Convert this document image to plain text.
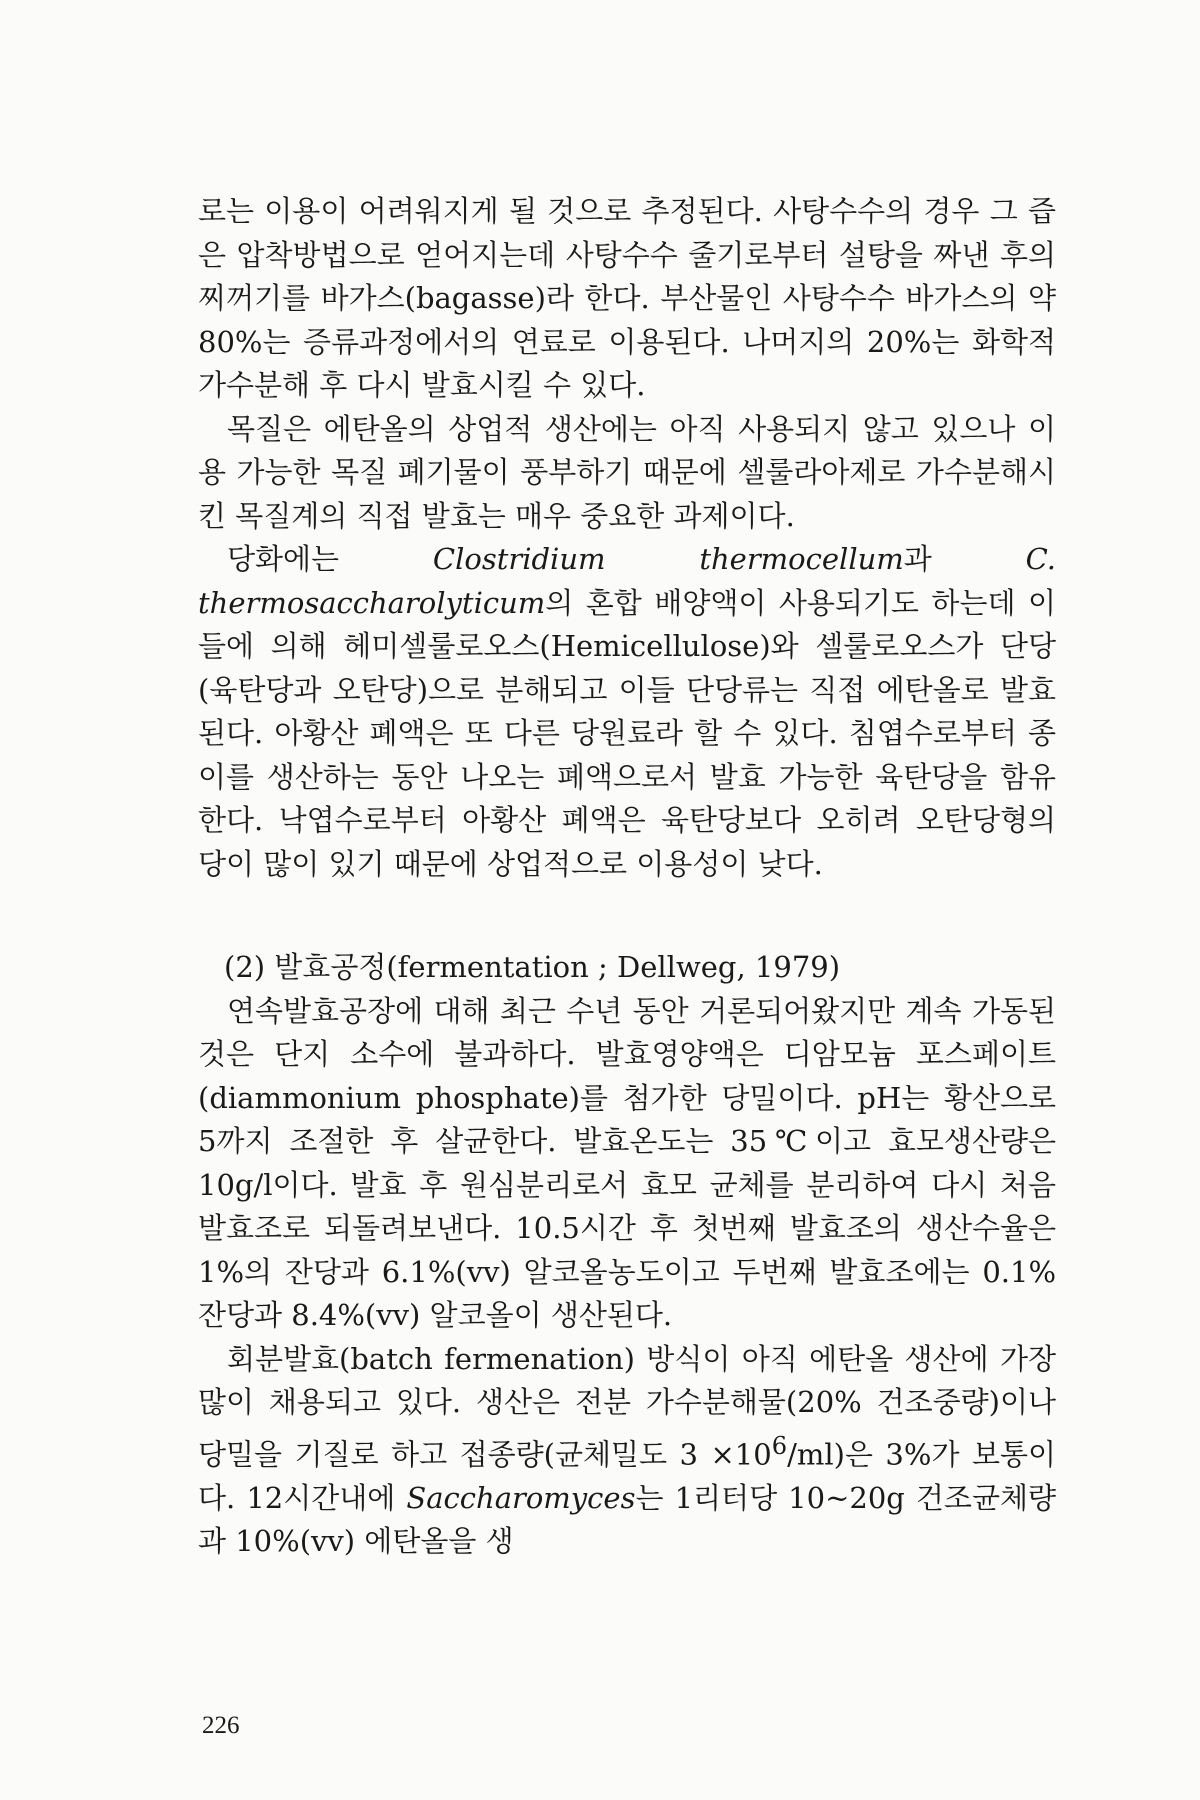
로는 이용이 어려워지게 될 것으로 추정된다. 사탕수수의 경우 그 즙은 압착방법으로 얻어지는데 사탕수수 줄기로부터 설탕을 짜낸 후의 찌꺼기를 바가스(bagasse)라 한다. 부산물인 사탕수수 바가스의 약 80%는 증류과정에서의 연료로 이용된다. 나머지의 20%는 화학적 가수분해 후 다시 발효시킬 수 있다.

목질은 에탄올의 상업적 생산에는 아직 사용되지 않고 있으나 이용 가능한 목질 폐기물이 풍부하기 때문에 셀룰라아제로 가수분해시킨 목질계의 직접 발효는 매우 중요한 과제이다.

당화에는 Clostridium thermocellum과 C. thermosaccharolyticum의 혼합 배양액이 사용되기도 하는데 이들에 의해 헤미셀룰로오스(Hemicellulose)와 셀룰로오스가 단당(육탄당과 오탄당)으로 분해되고 이들 단당류는 직접 에탄올로 발효된다. 아황산 폐액은 또 다른 당원료라 할 수 있다. 침엽수로부터 종이를 생산하는 동안 나오는 폐액으로서 발효 가능한 육탄당을 함유한다. 낙엽수로부터 아황산 폐액은 육탄당보다 오히려 오탄당형의 당이 많이 있기 때문에 상업적으로 이용성이 낮다.

(2) 발효공정(fermentation ; Dellweg, 1979)

연속발효공장에 대해 최근 수년 동안 거론되어왔지만 계속 가동된 것은 단지 소수에 불과하다. 발효영양액은 디암모늄 포스페이트(diammonium phosphate)를 첨가한 당밀이다. pH는 황산으로 5까지 조절한 후 살균한다. 발효온도는 35℃이고 효모생산량은 10g/l이다. 발효 후 원심분리로서 효모 균체를 분리하여 다시 처음 발효조로 되돌려보낸다. 10.5시간 후 첫번째 발효조의 생산수율은 1%의 잔당과 6.1%(vv) 알코올농도이고 두번째 발효조에는 0.1% 잔당과 8.4%(vv) 알코올이 생산된다.

회분발효(batch fermenation) 방식이 아직 에탄올 생산에 가장 많이 채용되고 있다. 생산은 전분 가수분해물(20% 건조중량)이나 당밀을 기질로 하고 접종량(균체밀도 $3 \times 10^6/ml$)은 3%가 보통이다. 12시간내에 Saccharomyces는 1리터당 10~20g 건조균체량과 10%(vv) 에탄올을 생

226
